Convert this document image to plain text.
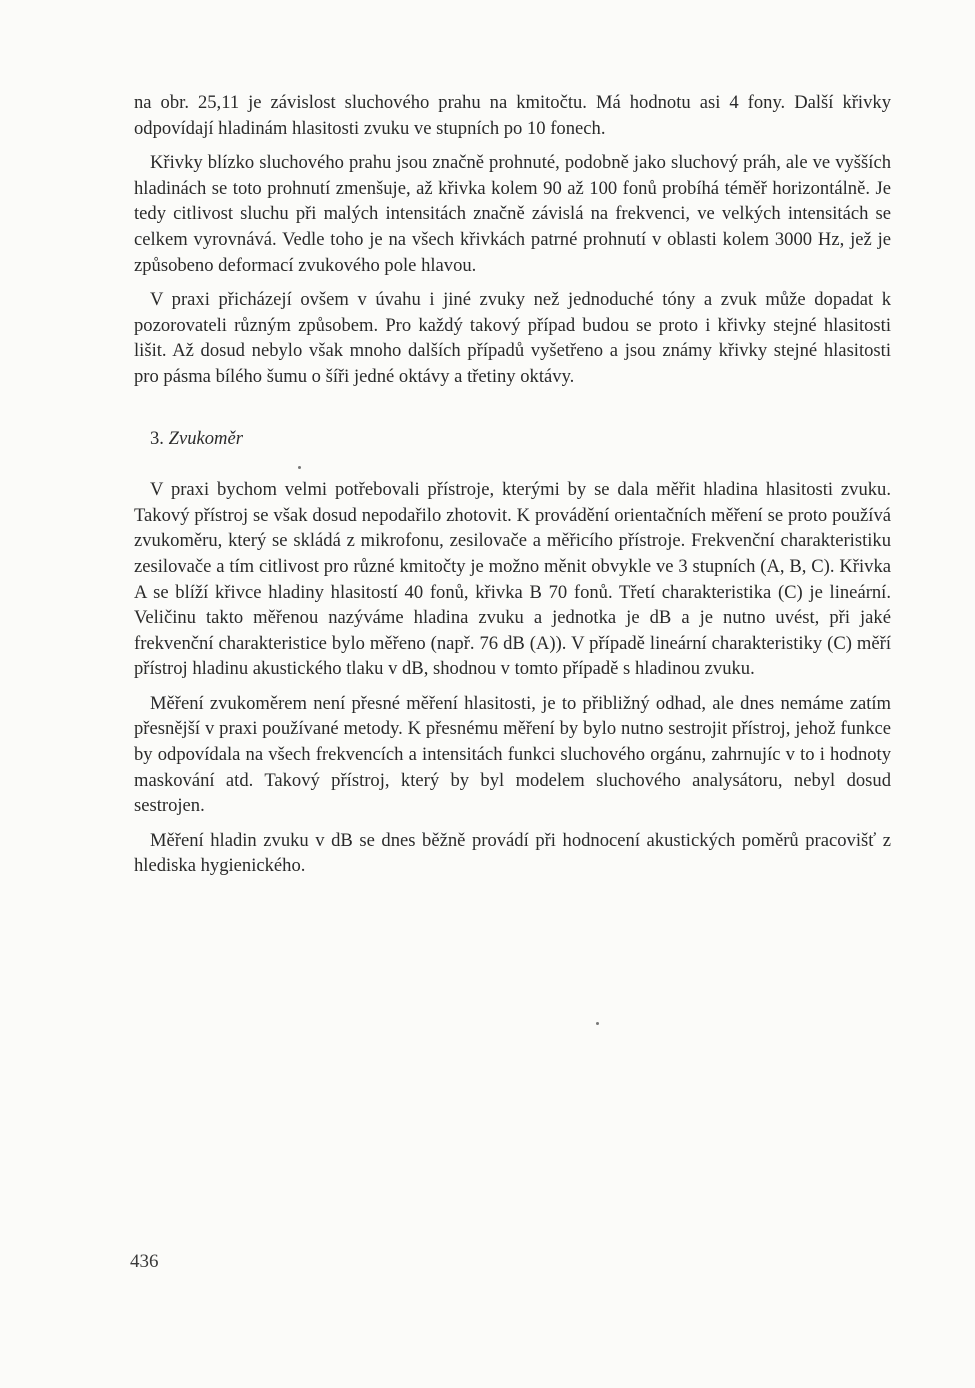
na obr. 25,11 je závislost sluchového prahu na kmitočtu. Má hodnotu asi 4 fony. Další křivky odpovídají hladinám hlasitosti zvuku ve stupních po 10 fonech.

Křivky blízko sluchového prahu jsou značně prohnuté, podobně jako sluchový práh, ale ve vyšších hladinách se toto prohnutí zmenšuje, až křivka kolem 90 až 100 fonů probíhá téměř horizontálně. Je tedy citlivost sluchu při malých intensitách značně závislá na frekvenci, ve velkých intensitách se celkem vyrovnává. Vedle toho je na všech křivkách patrné prohnutí v oblasti kolem 3000 Hz, jež je způsobeno deformací zvukového pole hlavou.

V praxi přicházejí ovšem v úvahu i jiné zvuky než jednoduché tóny a zvuk může dopadat k pozorovateli různým způsobem. Pro každý takový případ budou se proto i křivky stejné hlasitosti lišit. Až dosud nebylo však mnoho dalších případů vyšetřeno a jsou známy křivky stejné hlasitosti pro pásma bílého šumu o šíři jedné oktávy a třetiny oktávy.

3. Zvukoměr

V praxi bychom velmi potřebovali přístroje, kterými by se dala měřit hladina hlasitosti zvuku. Takový přístroj se však dosud nepodařilo zhotovit. K provádění orientačních měření se proto používá zvukoměru, který se skládá z mikrofonu, zesilovače a měřicího přístroje. Frekvenční charakteristiku zesilovače a tím citlivost pro různé kmitočty je možno měnit obvykle ve 3 stupních (A, B, C). Křivka A se blíží křivce hladiny hlasitostí 40 fonů, křivka B 70 fonů. Třetí charakteristika (C) je lineární. Veličinu takto měřenou nazýváme hladina zvuku a jednotka je dB a je nutno uvést, při jaké frekvenční charakteristice bylo měřeno (např. 76 dB (A)). V případě lineární charakteristiky (C) měří přístroj hladinu akustického tlaku v dB, shodnou v tomto případě s hladinou zvuku.

Měření zvukoměrem není přesné měření hlasitosti, je to přibližný odhad, ale dnes nemáme zatím přesnější v praxi používané metody. K přesnému měření by bylo nutno sestrojit přístroj, jehož funkce by odpovídala na všech frekvencích a intensitách funkci sluchového orgánu, zahrnujíc v to i hodnoty maskování atd. Takový přístroj, který by byl modelem sluchového analysátoru, nebyl dosud sestrojen.

Měření hladin zvuku v dB se dnes běžně provádí při hodnocení akustických poměrů pracovišť z hlediska hygienického.

436
